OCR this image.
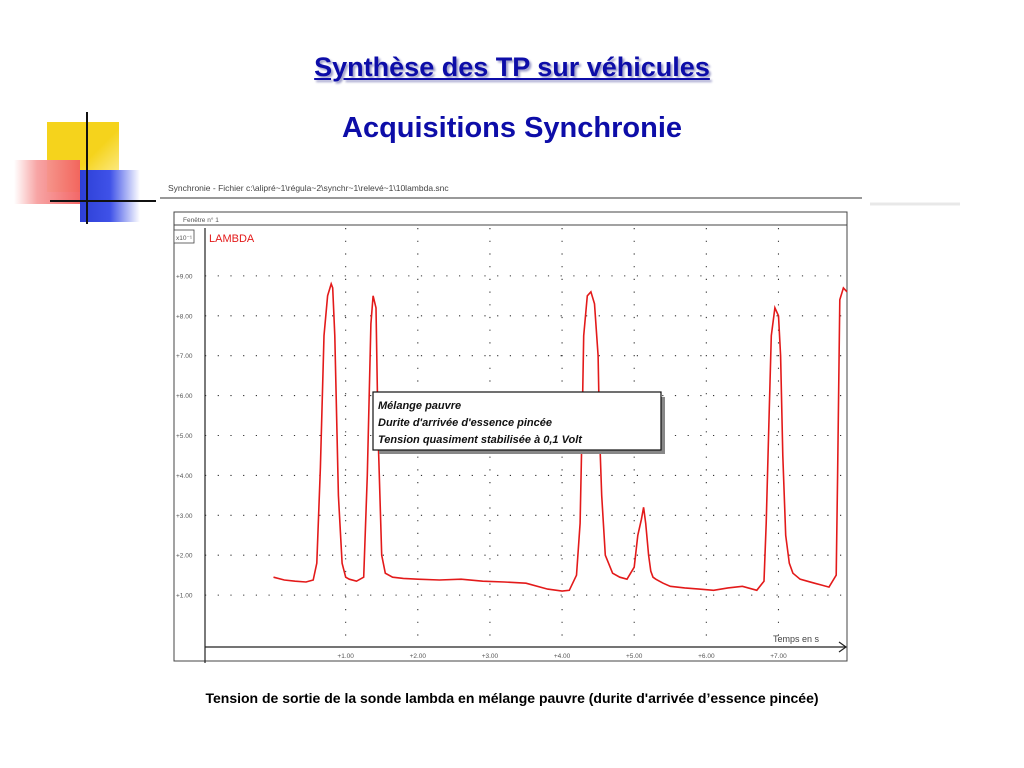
Synthèse des TP sur véhicules
Acquisitions Synchronie
Synchronie - Fichier c:\alipré~1\régula~2\synchr~1\relevé~1\10lambda.snc
Fenêtre n° 1
x10⁻¹
+1.00	+2.00	+3.00	+4.00	+5.00	+6.00	+7.00
+1.00
+2.00
+3.00
+4.00
+5.00
+6.00
+7.00
+8.00
+9.00
LAMBDA
Temps en s
Mélange pauvre
Durite d'arrivée d'essence pincée
Tension quasiment stabilisée à 0,1 Volt
Tension de sortie de la sonde lambda en mélange pauvre (durite d'arrivée d’essence pincée)
